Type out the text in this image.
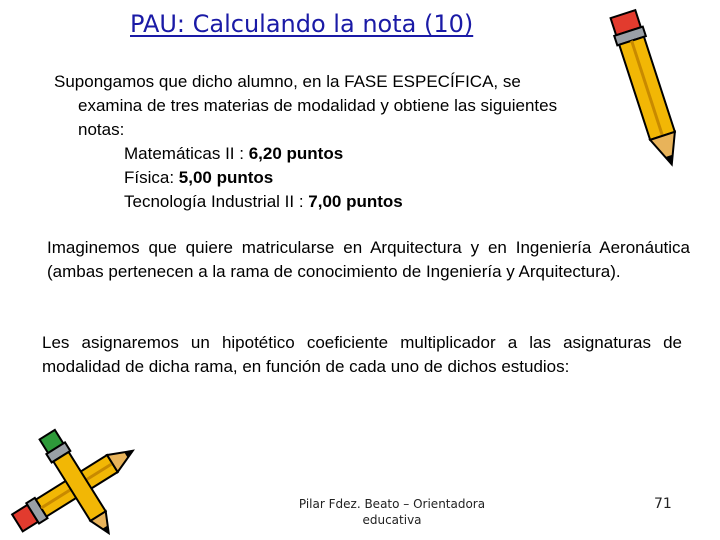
PAU: Calculando la nota (10)
Supongamos que dicho alumno, en la FASE ESPECÍFICA, se
examina de tres materias de modalidad y obtiene las siguientes
notas:
Matemáticas II : 6,20 puntos
Física: 5,00 puntos
Tecnología Industrial II : 7,00 puntos
Imaginemos que quiere matricularse en Arquitectura y en Ingeniería Aeronáutica (ambas pertenecen a la rama de conocimiento de Ingeniería y Arquitectura).
Les asignaremos un hipotético coeficiente multiplicador a las asignaturas de modalidad de dicha rama, en función de cada uno de dichos estudios:
Pilar Fdez. Beato – Orientadora educativa
71
